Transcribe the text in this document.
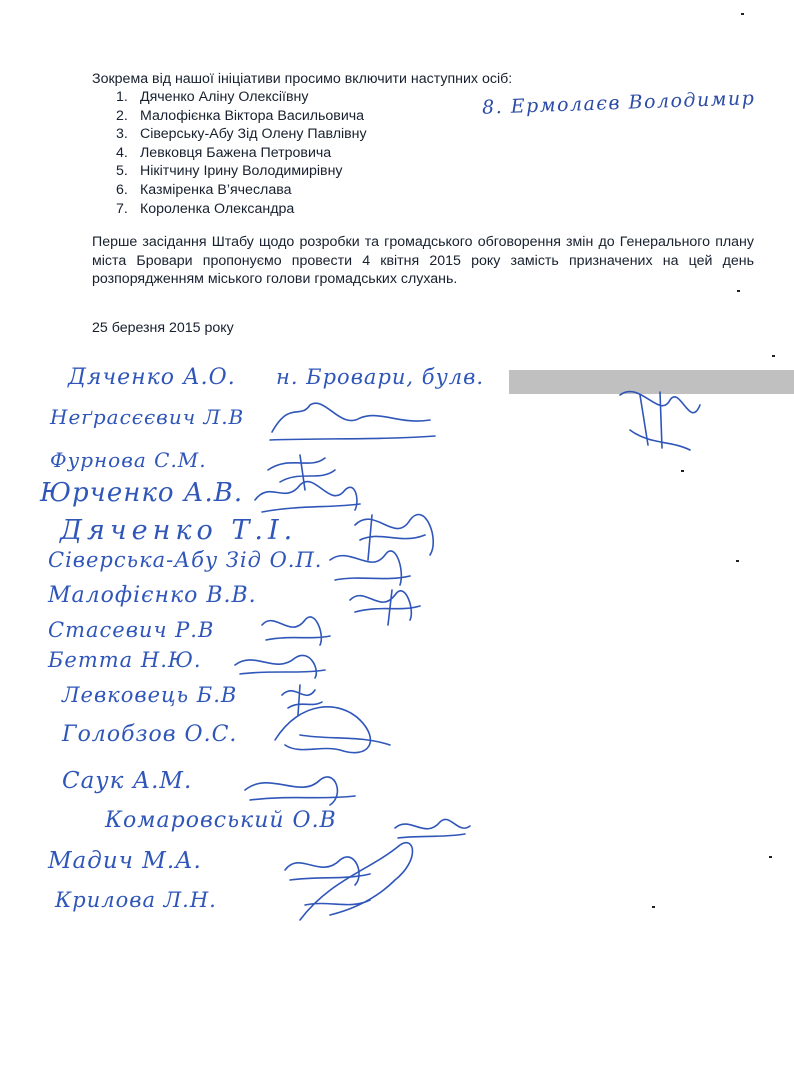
Зокрема від нашої ініціативи просимо включити наступних осіб:

1. Дяченко Аліну Олексіївну
2. Малофієнка Віктора Васильовича
3. Сіверську-Абу Зід Олену Павлівну
4. Левковця Бажена Петровича
5. Нікітчину Ірину Володимирівну
6. Казміренка В’ячеслава
7. Короленка Олександра

8. Ермолаєв Володимир

Перше засідання Штабу щодо розробки та громадського обговорення змін до Генерального плану міста Бровари пропонуємо провести 4 квітня 2015 року замість призначених на цей день розпорядженням міського голови громадських слухань.

25 березня 2015 року

Дяченко А.О. н. Бровари, булв.

Неґрасєєвич Л.В

Фурнова С.М.

Юрченко А.В.

Дяченко Т.І.

Сіверська-Абу Зід О.П.

Малофієнко В.В.

Стасевич Р.В

Бетта Н.Ю.

Левковець Б.В

Голобзов О.С.

Саук А.М.

Комаровський О.В

Мадич М.А.

Крилова Л.Н.
